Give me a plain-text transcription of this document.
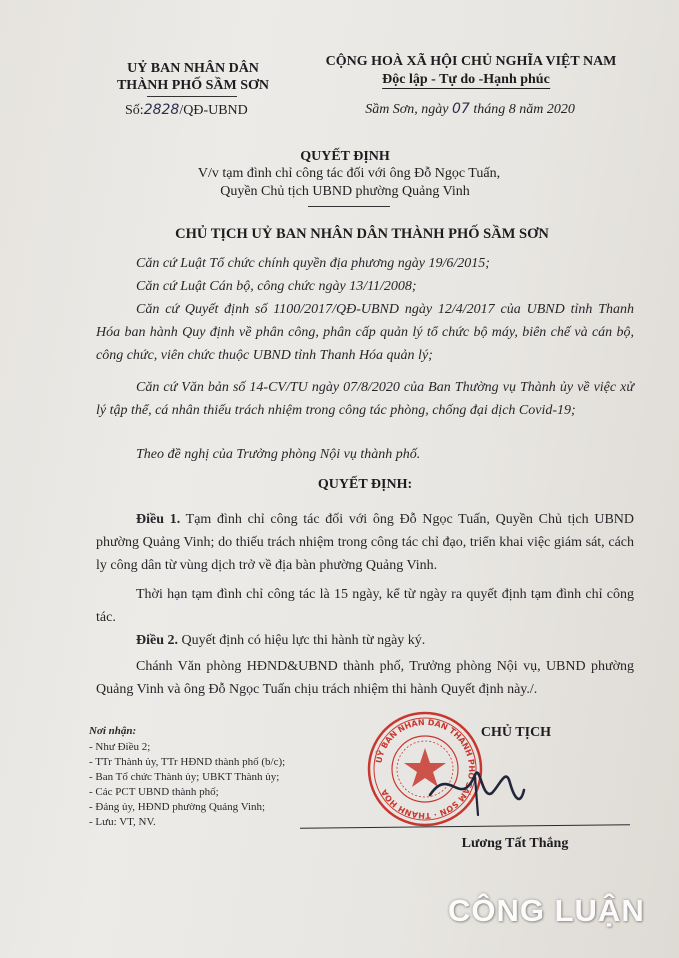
UỶ BAN NHÂN DÂN
THÀNH PHỐ SẦM SƠN
Số:2828/QĐ-UBND
CỘNG HOÀ XÃ HỘI CHỦ NGHĨA VIỆT NAM
Độc lập - Tự do -Hạnh phúc
Sầm Sơn, ngày 07 tháng 8 năm 2020
QUYẾT ĐỊNH
V/v tạm đình chỉ công tác đối với ông Đỗ Ngọc Tuấn,
Quyền Chủ tịch UBND phường Quảng Vinh
CHỦ TỊCH UỶ BAN NHÂN DÂN THÀNH PHỐ SẦM SƠN
Căn cứ Luật Tổ chức chính quyền địa phương ngày 19/6/2015;
Căn cứ Luật Cán bộ, công chức ngày 13/11/2008;
Căn cứ Quyết định số 1100/2017/QĐ-UBND ngày 12/4/2017 của UBND tỉnh Thanh Hóa ban hành Quy định về phân công, phân cấp quản lý tổ chức bộ máy, biên chế và cán bộ, công chức, viên chức thuộc UBND tỉnh Thanh Hóa quản lý;
Căn cứ Văn bản số 14-CV/TU ngày 07/8/2020 của Ban Thường vụ Thành ủy về việc xử lý tập thể, cá nhân thiếu trách nhiệm trong công tác phòng, chống đại dịch Covid-19;
Theo đề nghị của Trưởng phòng Nội vụ thành phố.
QUYẾT ĐỊNH:
Điều 1. Tạm đình chỉ công tác đối với ông Đỗ Ngọc Tuấn, Quyền Chủ tịch UBND phường Quảng Vinh; do thiếu trách nhiệm trong công tác chỉ đạo, triển khai việc giám sát, cách ly công dân từ vùng dịch trở về địa bàn phường Quảng Vinh.
Thời hạn tạm đình chỉ công tác là 15 ngày, kể từ ngày ra quyết định tạm đình chỉ công tác.
Điều 2. Quyết định có hiệu lực thi hành từ ngày ký.
Chánh Văn phòng HĐND&UBND thành phố, Trưởng phòng Nội vụ, UBND phường Quảng Vinh và ông Đỗ Ngọc Tuấn chịu trách nhiệm thi hành Quyết định này./.
Nơi nhận:
- Như Điều 2;
- TTr Thành ủy, TTr HĐND thành phố (b/c);
- Ban Tổ chức Thành ủy; UBKT Thành ủy;
- Các PCT UBND thành phố;
- Đảng ủy, HĐND phường Quảng Vinh;
- Lưu: VT, NV.
CHỦ TỊCH
UỶ BAN NHÂN DÂN THÀNH PHỐ SẦM SƠN · THANH HOÁ
Lương Tất Thắng
CÔNG LUẬN
